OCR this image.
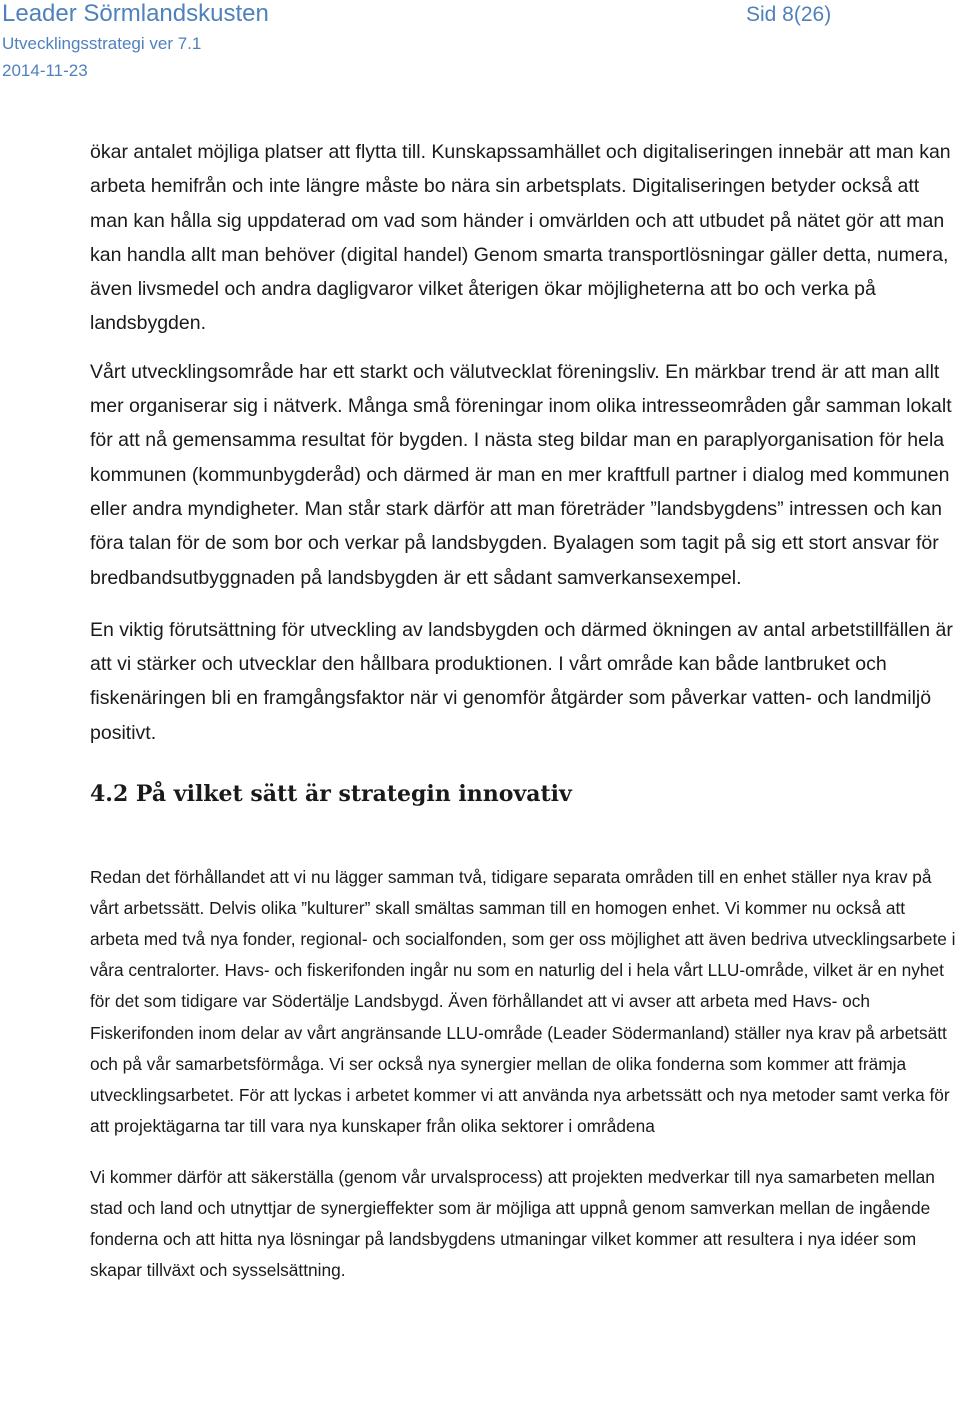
Leader Sörmlandskusten	Sid 8(26)
Utvecklingsstrategi ver 7.1
2014-11-23

ökar antalet möjliga platser att flytta till. Kunskapssamhället och digitaliseringen innebär att man kan arbeta hemifrån och inte längre måste bo nära sin arbetsplats. Digitaliseringen betyder också att man kan hålla sig uppdaterad om vad som händer i omvärlden och att utbudet på nätet gör att man kan handla allt man behöver (digital handel) Genom smarta transportlösningar gäller detta, numera, även livsmedel och andra dagligvaror vilket återigen ökar möjligheterna att bo och verka på landsbygden.

Vårt utvecklingsområde har ett starkt och välutvecklat föreningsliv. En märkbar trend är att man allt mer organiserar sig i nätverk. Många små föreningar inom olika intresseområden går samman lokalt för att nå gemensamma resultat för bygden. I nästa steg bildar man en paraplyorganisation för hela kommunen (kommunbygderåd) och därmed är man en mer kraftfull partner i dialog med kommunen eller andra myndigheter. Man står stark därför att man företräder ”landsbygdens” intressen och kan föra talan för de som bor och verkar på landsbygden. Byalagen som tagit på sig ett stort ansvar för bredbandsutbyggnaden på landsbygden är ett sådant samverkansexempel.

En viktig förutsättning för utveckling av landsbygden och därmed ökningen av antal arbetstillfällen är att vi stärker och utvecklar den hållbara produktionen. I vårt område kan både lantbruket och fiskenäringen bli en framgångsfaktor när vi genomför åtgärder som påverkar vatten- och landmiljö positivt.

4.2 På vilket sätt är strategin innovativ

Redan det förhållandet att vi nu lägger samman två, tidigare separata områden till en enhet ställer nya krav på vårt arbetssätt. Delvis olika ”kulturer” skall smältas samman till en homogen enhet. Vi kommer nu också att arbeta med två nya fonder, regional- och socialfonden, som ger oss möjlighet att även bedriva utvecklingsarbete i våra centralorter. Havs- och fiskerifonden ingår nu som en naturlig del i hela vårt LLU-område, vilket är en nyhet för det som tidigare var Södertälje Landsbygd. Även förhållandet att vi avser att arbeta med Havs- och Fiskerifonden inom delar av vårt angränsande LLU-område (Leader Södermanland) ställer nya krav på arbetsätt och på vår samarbetsförmåga. Vi ser också nya synergier mellan de olika fonderna som kommer att främja utvecklingsarbetet. För att lyckas i arbetet kommer vi att använda nya arbetssätt och nya metoder samt verka för att projektägarna tar till vara nya kunskaper från olika sektorer i områdena

Vi kommer därför att säkerställa (genom vår urvalsprocess) att projekten medverkar till nya samarbeten mellan stad och land och utnyttjar de synergieffekter som är möjliga att uppnå genom samverkan mellan de ingående fonderna och att hitta nya lösningar på landsbygdens utmaningar vilket kommer att resultera i nya idéer som skapar tillväxt och sysselsättning.
